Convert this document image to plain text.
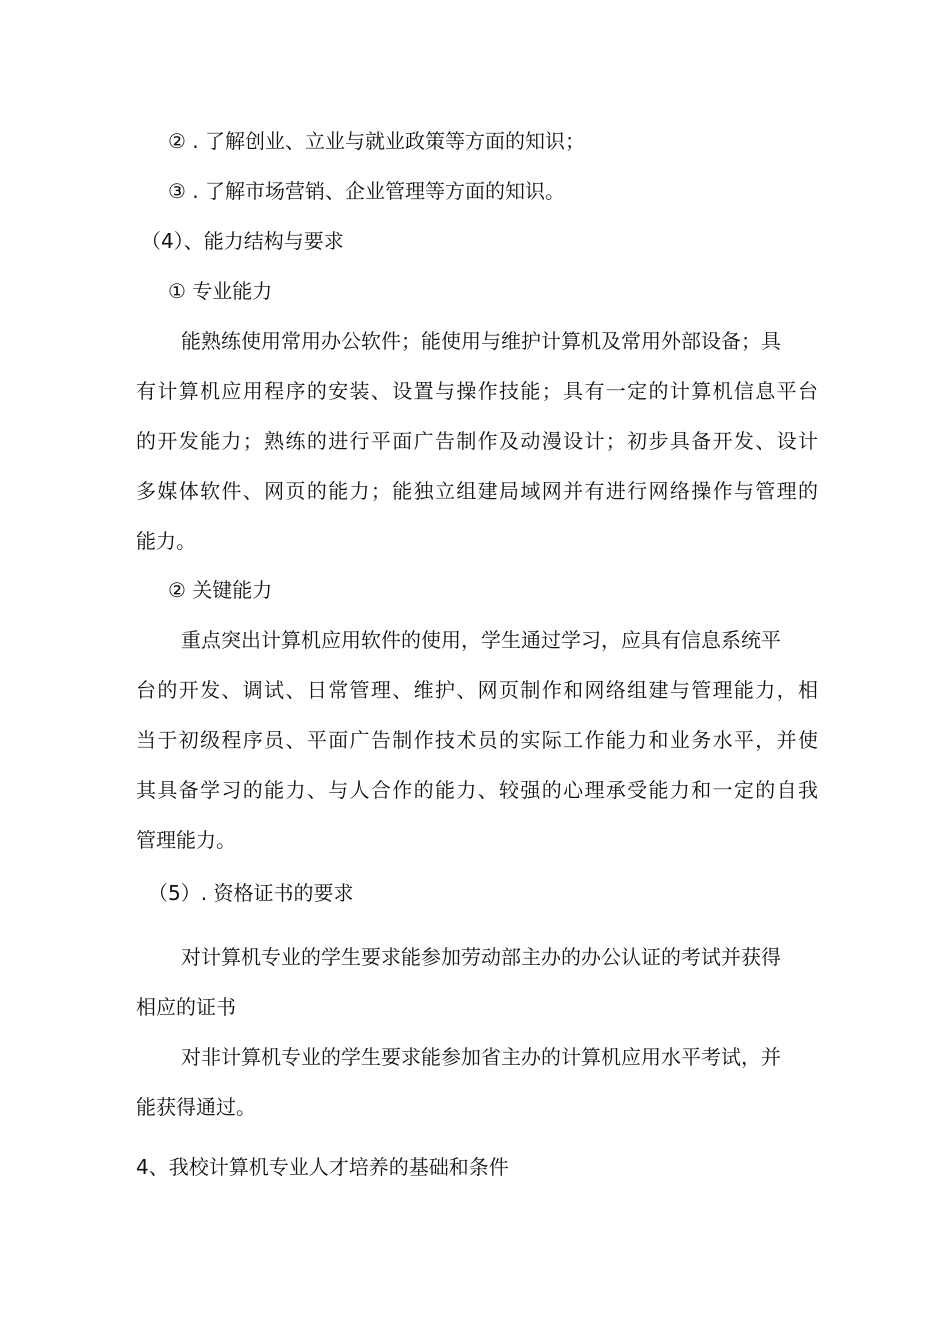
② . 了解创业、立业与就业政策等方面的知识；
③ . 了解市场营销、企业管理等方面的知识。
（4）、能力结构与要求
① 专业能力
能熟练使用常用办公软件；能使用与维护计算机及常用外部设备；具
有计算机应用程序的安装、设置与操作技能；具有一定的计算机信息平台
的开发能力；熟练的进行平面广告制作及动漫设计；初步具备开发、设计
多媒体软件、网页的能力；能独立组建局域网并有进行网络操作与管理的
能力。
② 关键能力
重点突出计算机应用软件的使用，学生通过学习，应具有信息系统平
台的开发、调试、日常管理、维护、网页制作和网络组建与管理能力，相
当于初级程序员、平面广告制作技术员的实际工作能力和业务水平，并使
其具备学习的能力、与人合作的能力、较强的心理承受能力和一定的自我
管理能力。
（5）. 资格证书的要求
对计算机专业的学生要求能参加劳动部主办的办公认证的考试并获得
相应的证书
对非计算机专业的学生要求能参加省主办的计算机应用水平考试，并
能获得通过。
4、我校计算机专业人才培养的基础和条件
